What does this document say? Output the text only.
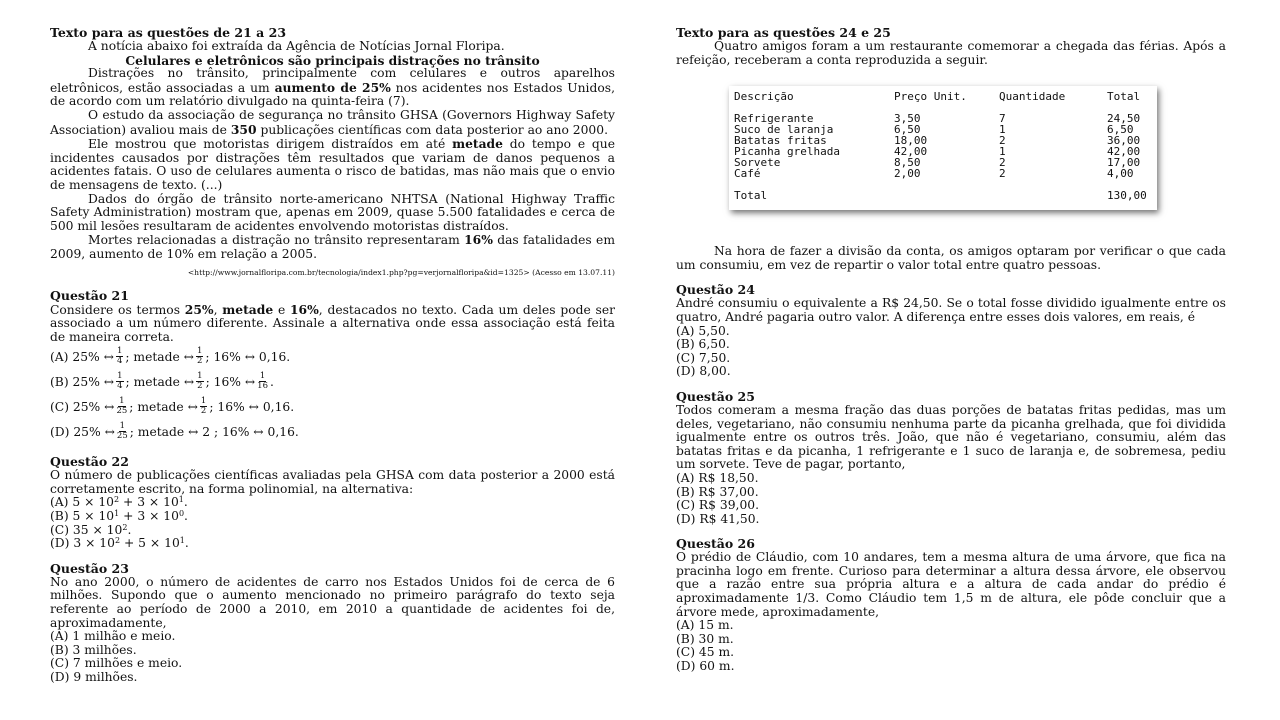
Texto para as questões de 21 a 23

A notícia abaixo foi extraída da Agência de Notícias Jornal Floripa.

Celulares e eletrônicos são principais distrações no trânsito

Distrações no trânsito, principalmente com celulares e outros aparelhos eletrônicos, estão associadas a um aumento de 25% nos acidentes nos Estados Unidos, de acordo com um relatório divulgado na quinta-feira (7).

O estudo da associação de segurança no trânsito GHSA (Governors Highway Safety Association) avaliou mais de 350 publicações científicas com data posterior ao ano 2000.

Ele mostrou que motoristas dirigem distraídos em até metade do tempo e que incidentes causados por distrações têm resultados que variam de danos pequenos a acidentes fatais. O uso de celulares aumenta o risco de batidas, mas não mais que o envio de mensagens de texto. (...)

Dados do órgão de trânsito norte-americano NHTSA (National Highway Traffic Safety Administration) mostram que, apenas em 2009, quase 5.500 fatalidades e cerca de 500 mil lesões resultaram de acidentes envolvendo motoristas distraídos.

Mortes relacionadas a distração no trânsito representaram 16% das fatalidades em 2009, aumento de 10% em relação a 2005.

<http://www.jornalfloripa.com.br/tecnologia/index1.php?pg=verjornalfloripa&id=1325> (Acesso em 13.07.11)

Questão 21

Considere os termos 25%, metade e 16%, destacados no texto. Cada um deles pode ser associado a um número diferente. Assinale a alternativa onde essa associação está feita de maneira correta.

(A) 25% ↔ $\frac{1}{4}$ ; metade ↔ $\frac{1}{2}$ ; 16% ↔ 0,16.
(B) 25% ↔ $\frac{1}{4}$ ; metade ↔ $\frac{1}{2}$ ; 16% ↔ $\frac{1}{16}$ .
(C) 25% ↔ $\frac{1}{25}$ ; metade ↔ $\frac{1}{2}$ ; 16% ↔ 0,16.
(D) 25% ↔ $\frac{1}{25}$ ; metade ↔ 2 ; 16% ↔ 0,16.

Questão 22

O número de publicações científicas avaliadas pela GHSA com data posterior a 2000 está corretamente escrito, na forma polinomial, na alternativa:

(A) $5 \times 10^2 + 3 \times 10^1$.
(B) $5 \times 10^1 + 3 \times 10^0$.
(C) $35 \times 10^2$.
(D) $3 \times 10^2 + 5 \times 10^1$.

Questão 23

No ano 2000, o número de acidentes de carro nos Estados Unidos foi de cerca de 6 milhões. Supondo que o aumento mencionado no primeiro parágrafo do texto seja referente ao período de 2000 a 2010, em 2010 a quantidade de acidentes foi de, aproximadamente,

(A) 1 milhão e meio.
(B) 3 milhões.
(C) 7 milhões e meio.
(D) 9 milhões.

Texto para as questões 24 e 25

Quatro amigos foram a um restaurante comemorar a chegada das férias. Após a refeição, receberam a conta reproduzida a seguir.

Na hora de fazer a divisão da conta, os amigos optaram por verificar o que cada um consumiu, em vez de repartir o valor total entre quatro pessoas.

Questão 24

André consumiu o equivalente a R$ 24,50. Se o total fosse dividido igualmente entre os quatro, André pagaria outro valor. A diferença entre esses dois valores, em reais, é

(A) 5,50.
(B) 6,50.
(C) 7,50.
(D) 8,00.

Questão 25

Todos comeram a mesma fração das duas porções de batatas fritas pedidas, mas um deles, vegetariano, não consumiu nenhuma parte da picanha grelhada, que foi dividida igualmente entre os outros três. João, que não é vegetariano, consumiu, além das batatas fritas e da picanha, 1 refrigerante e 1 suco de laranja e, de sobremesa, pediu um sorvete. Teve de pagar, portanto,

(A) R$ 18,50.
(B) R$ 37,00.
(C) R$ 39,00.
(D) R$ 41,50.

Questão 26

O prédio de Cláudio, com 10 andares, tem a mesma altura de uma árvore, que fica na pracinha logo em frente. Curioso para determinar a altura dessa árvore, ele observou que a razão entre sua própria altura e a altura de cada andar do prédio é aproximadamente 1/3. Como Cláudio tem 1,5 m de altura, ele pôde concluir que a árvore mede, aproximadamente,

(A) 15 m.
(B) 30 m.
(C) 45 m.
(D) 60 m.
Descrição	Preço Unit.	Quantidade	Total
Refrigerante	3,50	7	24,50
Suco de laranja	6,50	1	6,50
Batatas fritas	18,00	2	36,00
Picanha grelhada	42,00	1	42,00
Sorvete	8,50	2	17,00
Café	2,00	2	4,00
Total	130,00
